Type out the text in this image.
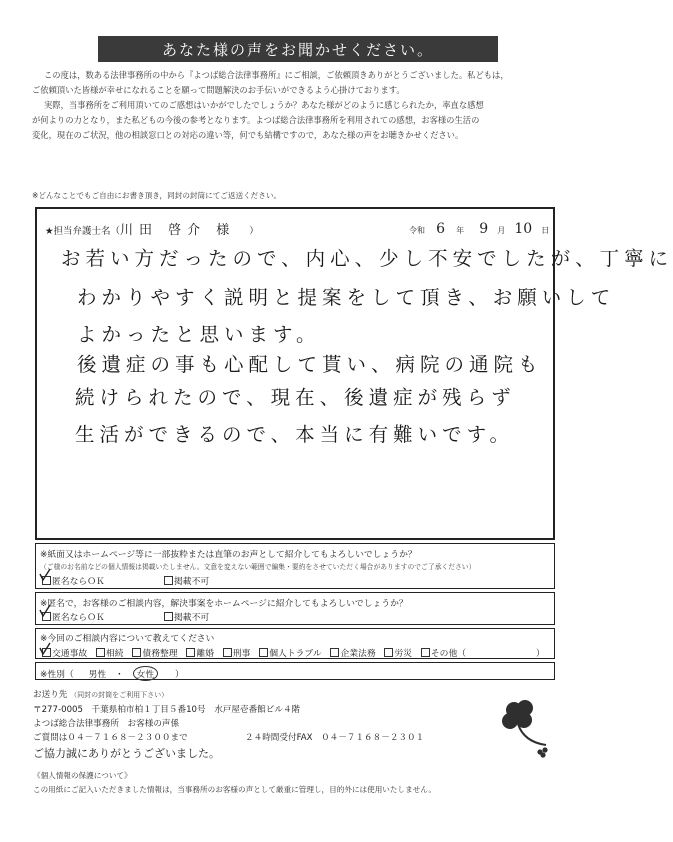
あなた様の声をお聞かせください。
この度は，数ある法律事務所の中から『よつば総合法律事務所』にご相談，ご依頼頂きありがとうございました。私どもは，
ご依頼頂いた皆様が幸せになれることを願って問題解決のお手伝いができるよう心掛けております。
実際，当事務所をご利用頂いてのご感想はいかがでしたでしょうか？あなた様がどのように感じられたか，率直な感想
が何よりの力となり，また私どもの今後の参考となります。よつば総合法律事務所を利用されての感想，お客様の生活の
変化，現在のご状況，他の相談窓口との対応の違い等，何でも結構ですので，あなた様の声をお聴きかせください。
※どんなことでもご自由にお書き頂き，同封の封筒にてご返送ください。
★担当弁護士名（川田 啓介 様 ）	令和 6 年 9 月 10 日
お若い方だったので、内心、少し不安でしたが、丁寧に
わかりやすく説明と提案をして頂き、お願いして
よかったと思います。
後遺症の事も心配して貰い、病院の通院も
続けられたので、現在、後遺症が残らず
生活ができるので、本当に有難いです。
※紙面又はホームページ等に一部抜粋または直筆のお声として紹介してもよろしいでしょうか？
（ご様のお名前などの個人情報は掲載いたしません。文意を変えない範囲で編集・要約をさせていただく場合がありますのでご了承ください）
匿名ならＯＫ	掲載不可
※匿名で，お客様のご相談内容，解決事案をホームページに紹介してもよろしいでしょうか？
匿名ならＯＫ	掲載不可
※今回のご相談内容について教えてください
交通事故 相続 債務整理 離婚 刑事 個人トラブル 企業法務 労災 その他（	）
※性別（ 男性 ・ 女性 ）
お送り先 （同封の封筒をご利用下さい）
〒277-0005　千葉県柏市柏１丁目５番10号　水戸屋壱番館ビル４階
よつば総合法律事務所　お客様の声係
ご質問は０４－７１６８－２３００まで	２４時間受付FAX　０４－７１６８－２３０１
ご協力誠にありがとうございました。
《個人情報の保護について》
この用紙にご記入いただきました情報は，当事務所のお客様の声として厳重に管理し，目的外には使用いたしません。
